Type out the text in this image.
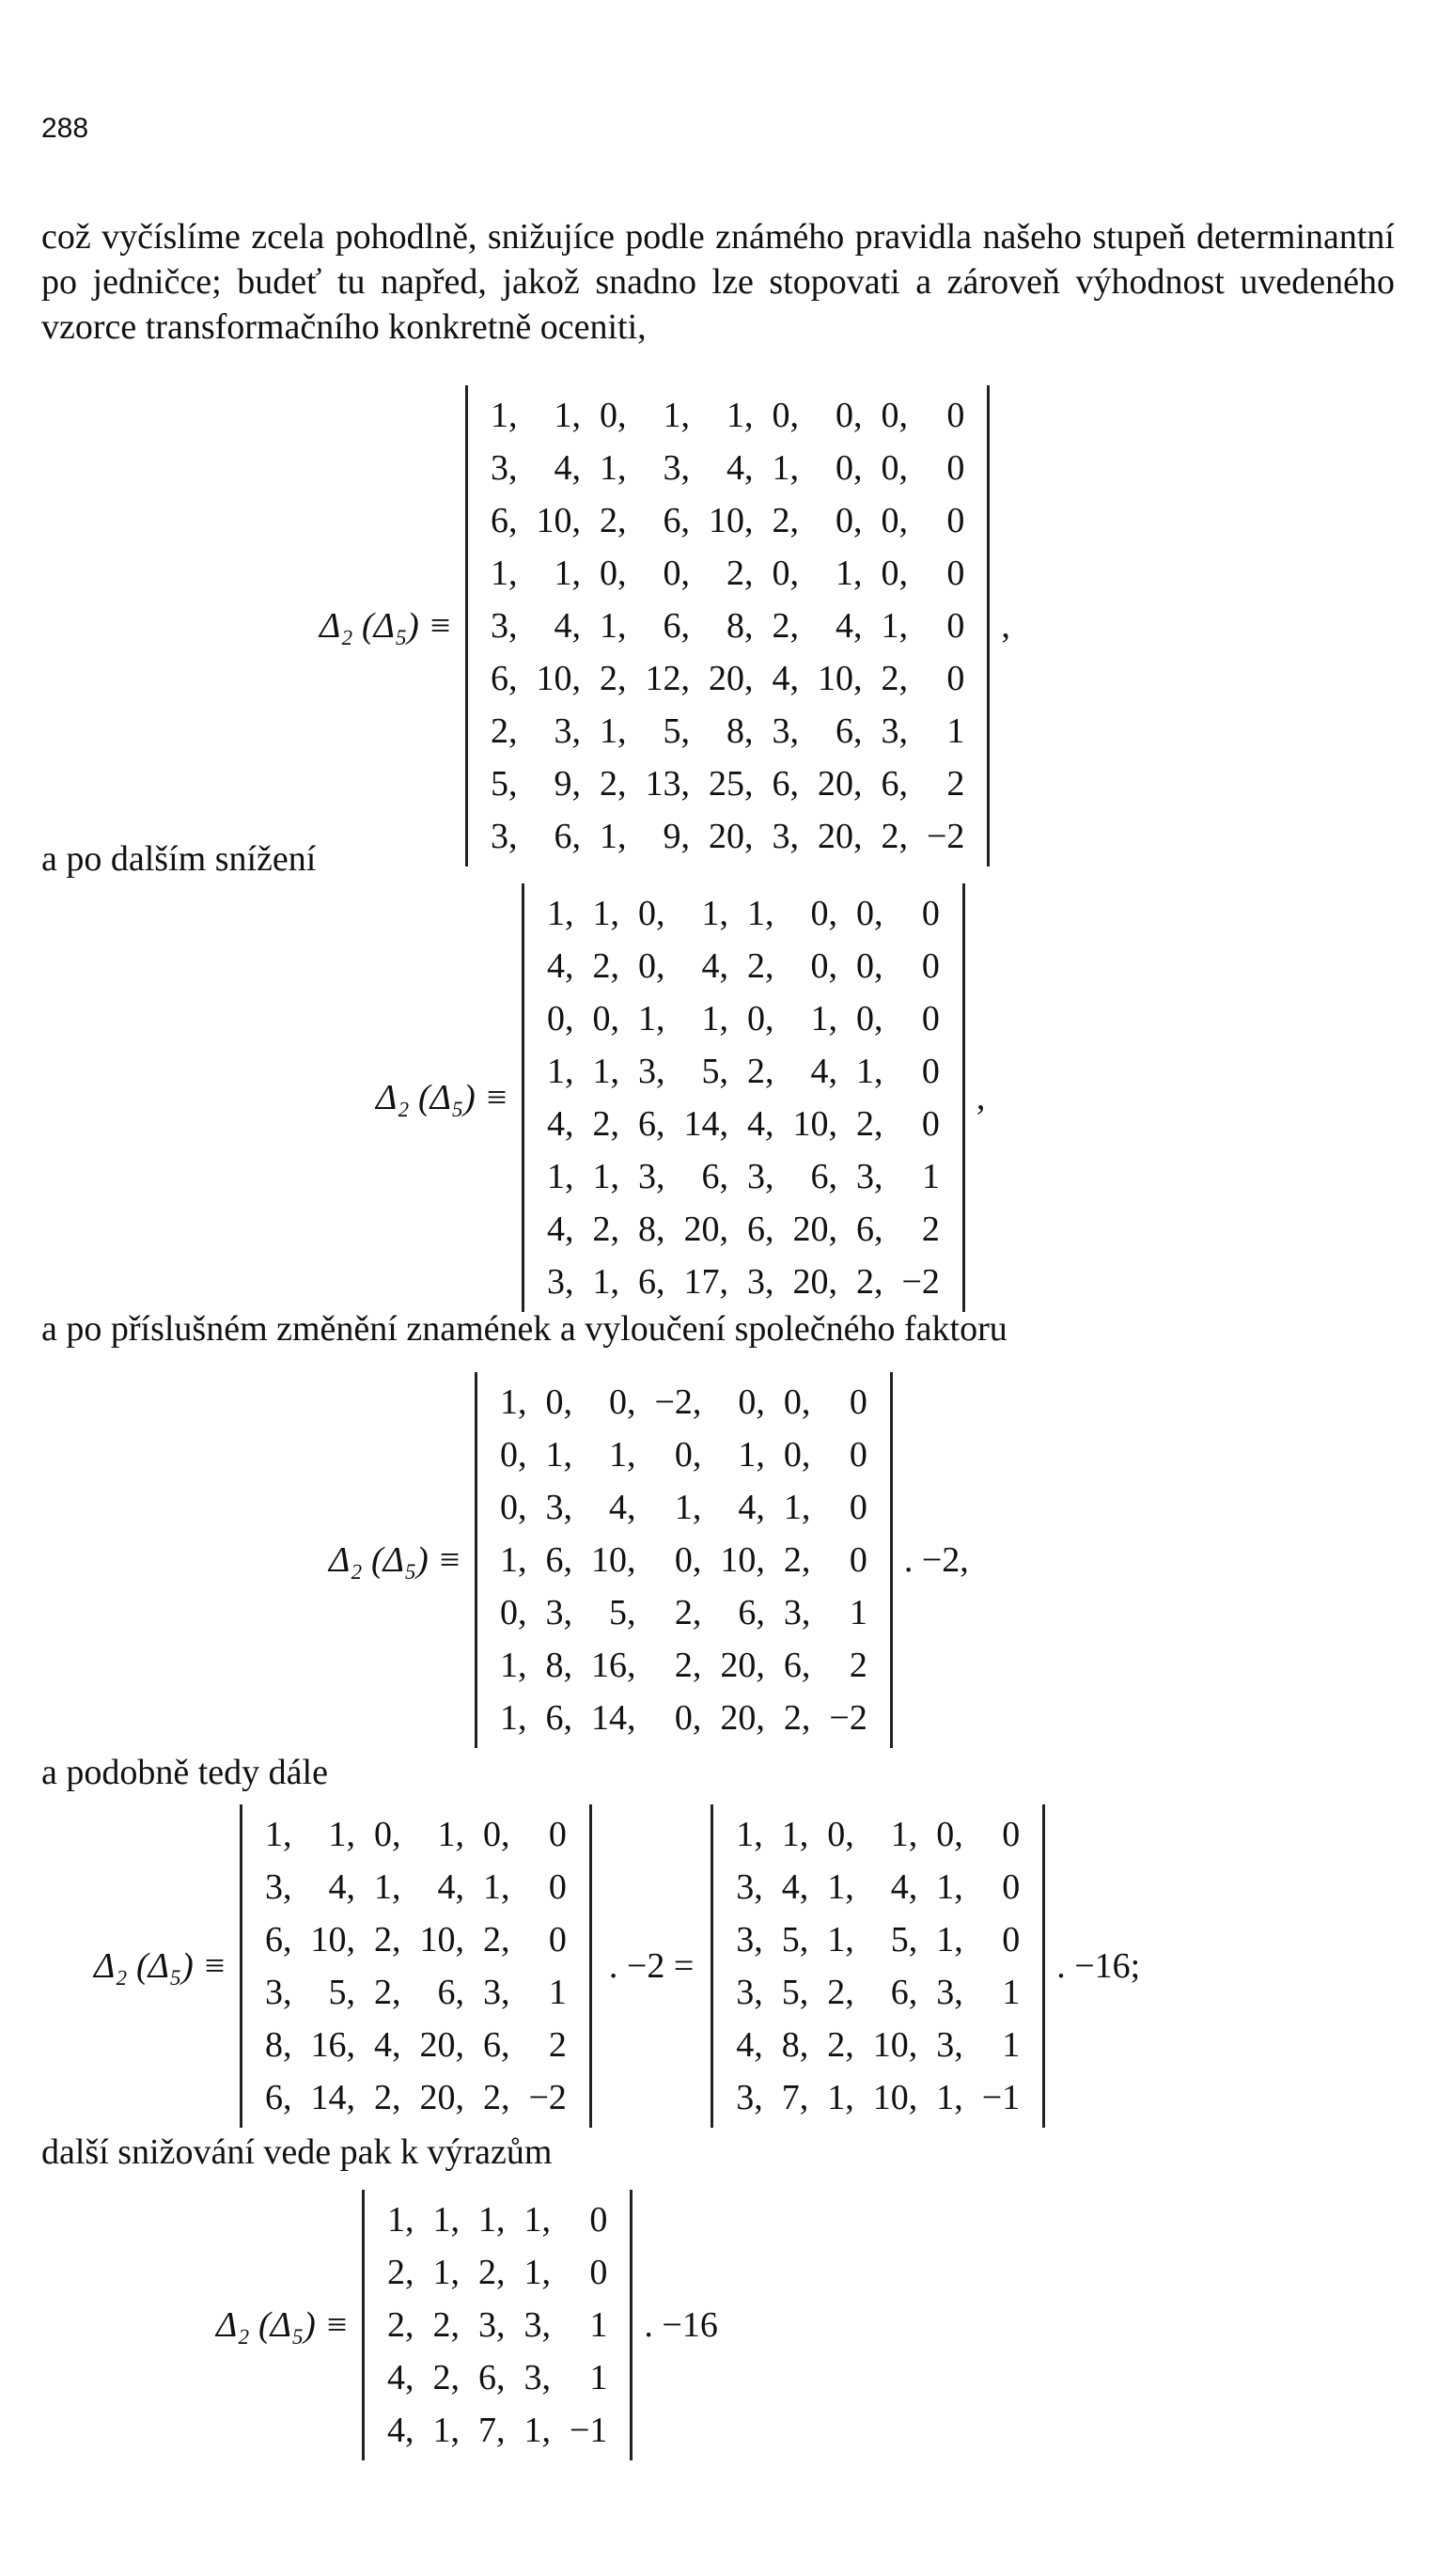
288

což vyčíslíme zcela pohodlně, snižujíce podle známého pravidla našeho stupeň determinantní po jedničce; budeť tu napřed, jakož snadno lze stopovati a zároveň výhodnost uvedeného vzorce transformačního konkretně oceniti,

Δ₂ (Δ₅) ≡
1,	1,	0,	1,	1,	0,	0,	0,	0
3,	4,	1,	3,	4,	1,	0,	0,	0
6,	10,	2,	6,	10,	2,	0,	0,	0
1,	1,	0,	0,	2,	0,	1,	0,	0
3,	4,	1,	6,	8,	2,	4,	1,	0
6,	10,	2,	12,	20,	4,	10,	2,	0
2,	3,	1,	5,	8,	3,	6,	3,	1
5,	9,	2,	13,	25,	6,	20,	6,	2
3,	6,	1,	9,	20,	3,	20,	2,	−2
,

a po dalším snížení

Δ₂ (Δ₅) ≡
1,	1,	0,	1,	1,	0,	0,	0
4,	2,	0,	4,	2,	0,	0,	0
0,	0,	1,	1,	0,	1,	0,	0
1,	1,	3,	5,	2,	4,	1,	0
4,	2,	6,	14,	4,	10,	2,	0
1,	1,	3,	6,	3,	6,	3,	1
4,	2,	8,	20,	6,	20,	6,	2
3,	1,	6,	17,	3,	20,	2,	−2
,

a po příslušném změnění znamének a vyloučení společného faktoru

Δ₂ (Δ₅) ≡
1,	0,	0,	−2,	0,	0,	0
0,	1,	1,	0,	1,	0,	0
0,	3,	4,	1,	4,	1,	0
1,	6,	10,	0,	10,	2,	0
0,	3,	5,	2,	6,	3,	1
1,	8,	16,	2,	20,	6,	2
1,	6,	14,	0,	20,	2,	−2
. −2,

a podobně tedy dále

Δ₂ (Δ₅) ≡
1,	1,	0,	1,	0,	0
3,	4,	1,	4,	1,	0
6,	10,	2,	10,	2,	0
3,	5,	2,	6,	3,	1
8,	16,	4,	20,	6,	2
6,	14,	2,	20,	2,	−2
. −2 =
1,	1,	0,	1,	0,	0
3,	4,	1,	4,	1,	0
3,	5,	1,	5,	1,	0
3,	5,	2,	6,	3,	1
4,	8,	2,	10,	3,	1
3,	7,	1,	10,	1,	−1
. −16;

další snižování vede pak k výrazům

Δ₂ (Δ₅) ≡
1,	1,	1,	1,	0
2,	1,	2,	1,	0
2,	2,	3,	3,	1
4,	2,	6,	3,	1
4,	1,	7,	1,	−1
. −16
